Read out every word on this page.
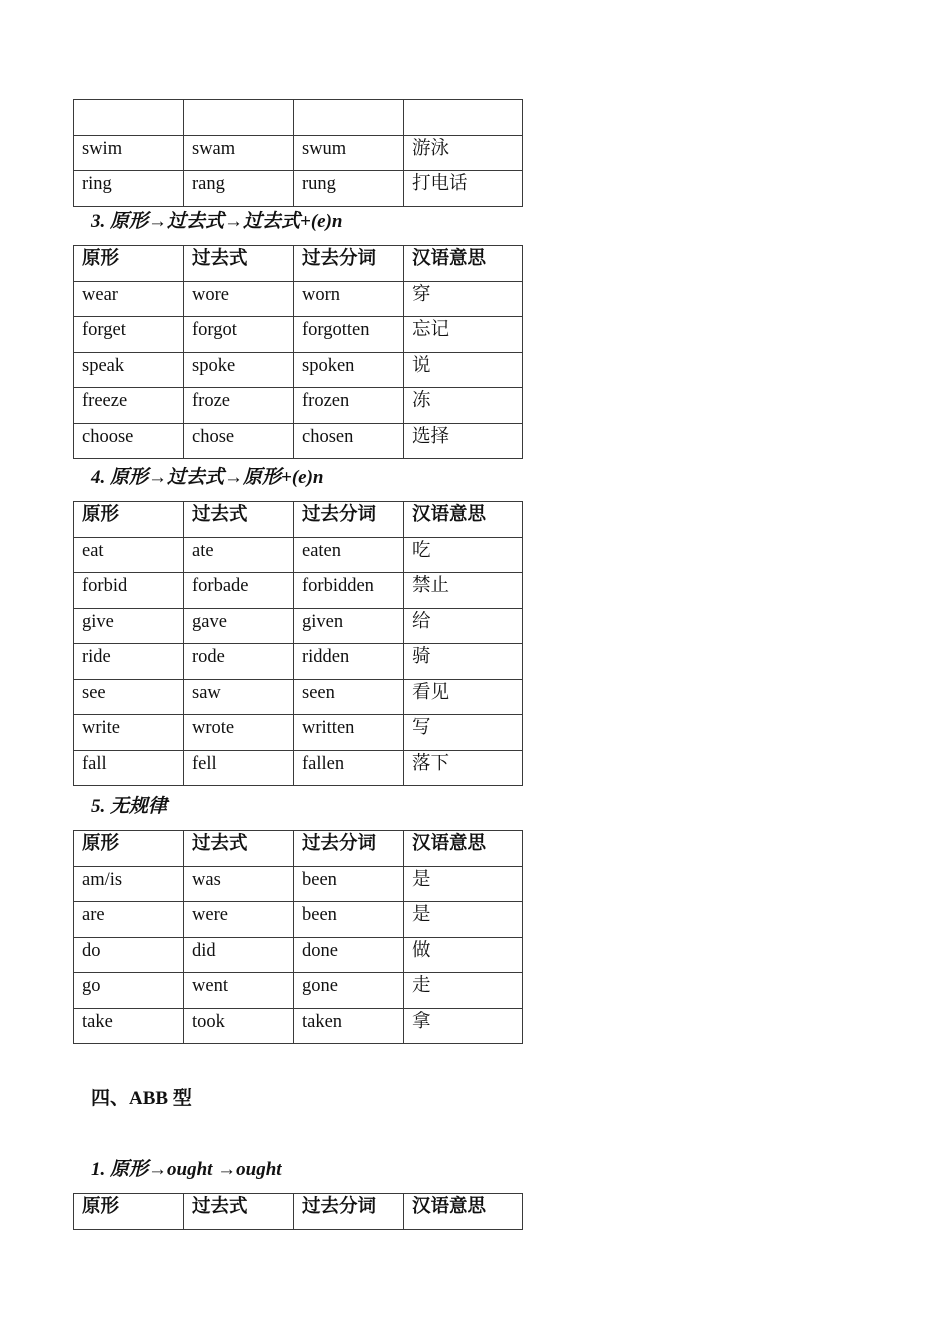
swim	swam	swum	游泳
ring	rang	rung	打电话
3. 原形→过去式→过去式+(e)n
原形	过去式	过去分词	汉语意思
wear	wore	worn	穿
forget	forgot	forgotten	忘记
speak	spoke	spoken	说
freeze	froze	frozen	冻
choose	chose	chosen	选择
4. 原形→过去式→原形+(e)n
原形	过去式	过去分词	汉语意思
eat	ate	eaten	吃
forbid	forbade	forbidden	禁止
give	gave	given	给
ride	rode	ridden	骑
see	saw	seen	看见
write	wrote	written	写
fall	fell	fallen	落下
5. 无规律
原形	过去式	过去分词	汉语意思
am/is	was	been	是
are	were	been	是
do	did	done	做
go	went	gone	走
take	took	taken	拿
四、ABB 型
1. 原形→ought →ought
原形	过去式	过去分词	汉语意思
